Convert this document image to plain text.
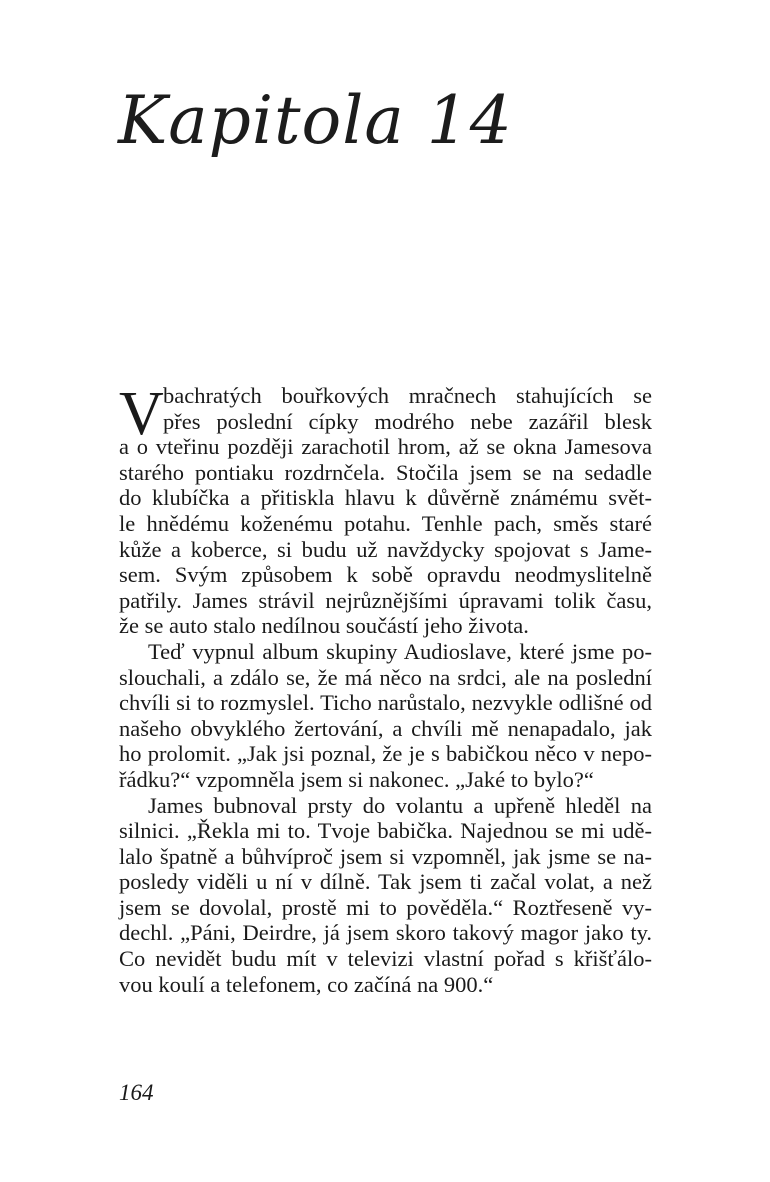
Kapitola 14
V bachratých bouřkových mračnech stahujících se
přes poslední cípky modrého nebe zazářil blesk
a o vteřinu později zarachotil hrom, až se okna Jamesova
starého pontiaku rozdrnčela. Stočila jsem se na sedadle
do klubíčka a přitiskla hlavu k důvěrně známému svět-
le hnědému koženému potahu. Tenhle pach, směs staré
kůže a koberce, si budu už navždycky spojovat s Jame-
sem. Svým způsobem k sobě opravdu neodmyslitelně
patřily. James strávil nejrůznějšími úpravami tolik času,
že se auto stalo nedílnou součástí jeho života.
Teď vypnul album skupiny Audioslave, které jsme po-
slouchali, a zdálo se, že má něco na srdci, ale na poslední
chvíli si to rozmyslel. Ticho narůstalo, nezvykle odlišné od
našeho obvyklého žertování, a chvíli mě nenapadalo, jak
ho prolomit. „Jak jsi poznal, že je s babičkou něco v nepo-
řádku?“ vzpomněla jsem si nakonec. „Jaké to bylo?“
James bubnoval prsty do volantu a upřeně hleděl na
silnici. „Řekla mi to. Tvoje babička. Najednou se mi udě-
lalo špatně a bůhvíproč jsem si vzpomněl, jak jsme se na-
posledy viděli u ní v dílně. Tak jsem ti začal volat, a než
jsem se dovolal, prostě mi to pověděla.“ Roztřeseně vy-
dechl. „Páni, Deirdre, já jsem skoro takový magor jako ty.
Co nevidět budu mít v televizi vlastní pořad s křišťálo-
vou koulí a telefonem, co začíná na 900.“
164
